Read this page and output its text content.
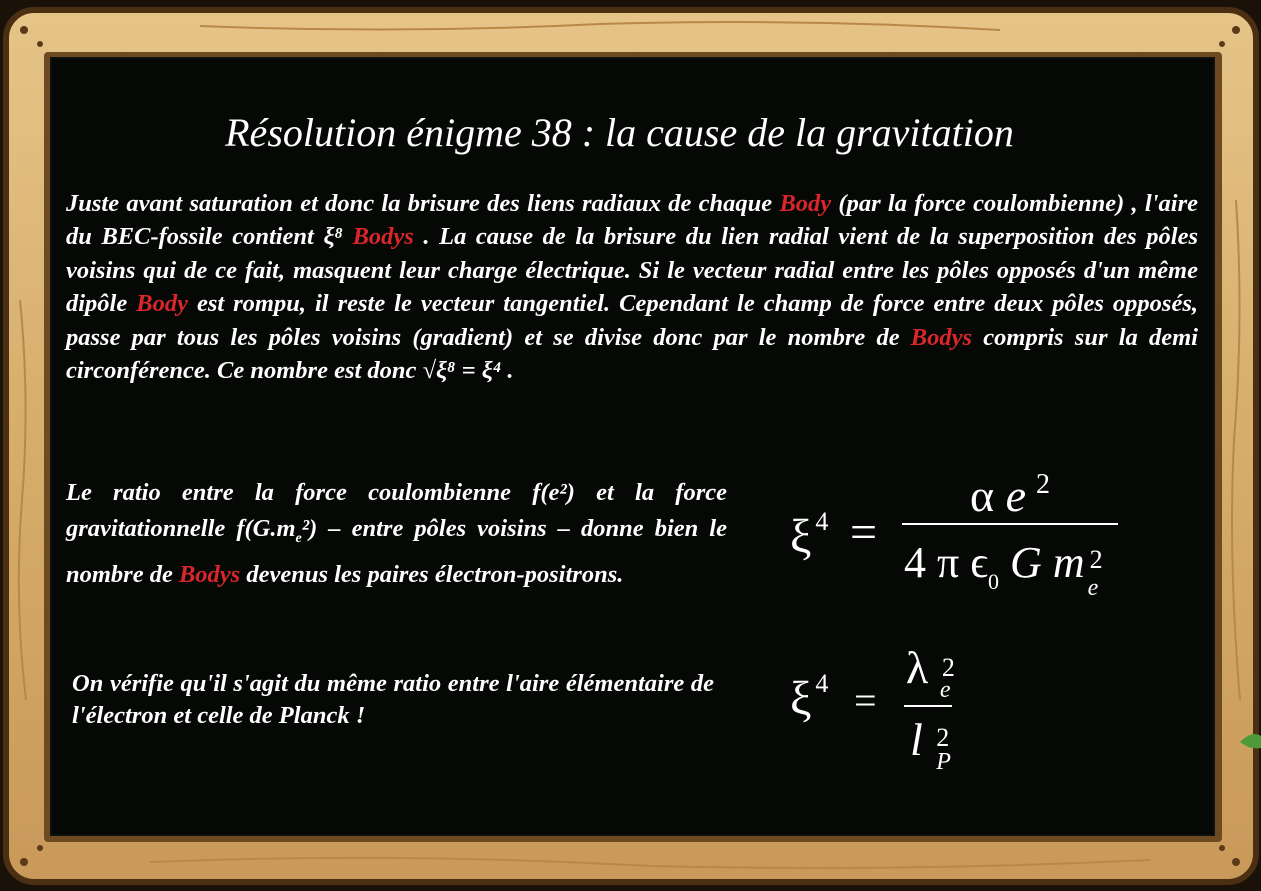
Résolution énigme 38 : la cause de la gravitation
Juste avant saturation et donc la brisure des liens radiaux de chaque Body (par la force coulombienne) , l'aire du BEC-fossile contient ξ⁸ Bodys . La cause de la brisure du lien radial vient de la superposition des pôles voisins qui de ce fait, masquent leur charge électrique. Si le vecteur radial entre les pôles opposés d'un même dipôle Body est rompu, il reste le vecteur tangentiel. Cependant le champ de force entre deux pôles opposés, passe par tous les pôles voisins (gradient) et se divise donc par le nombre de Bodys compris sur la demi circonférence. Ce nombre est donc √ξ⁸ = ξ⁴ .
Le ratio entre la force coulombienne f(e²) et la force gravitationnelle $f(G.m_e^2)$ – entre pôles voisins – donne bien le nombre de Bodys devenus les paires électron-positrons.
On vérifie qu'il s'agit du même ratio entre l'aire élémentaire de l'électron et celle de Planck !
ξ $^4$ =
α e $^2$
4 π $\epsilon_0$ G m 2
e
ξ $^4$ =
λ 2
e
l 2
P
